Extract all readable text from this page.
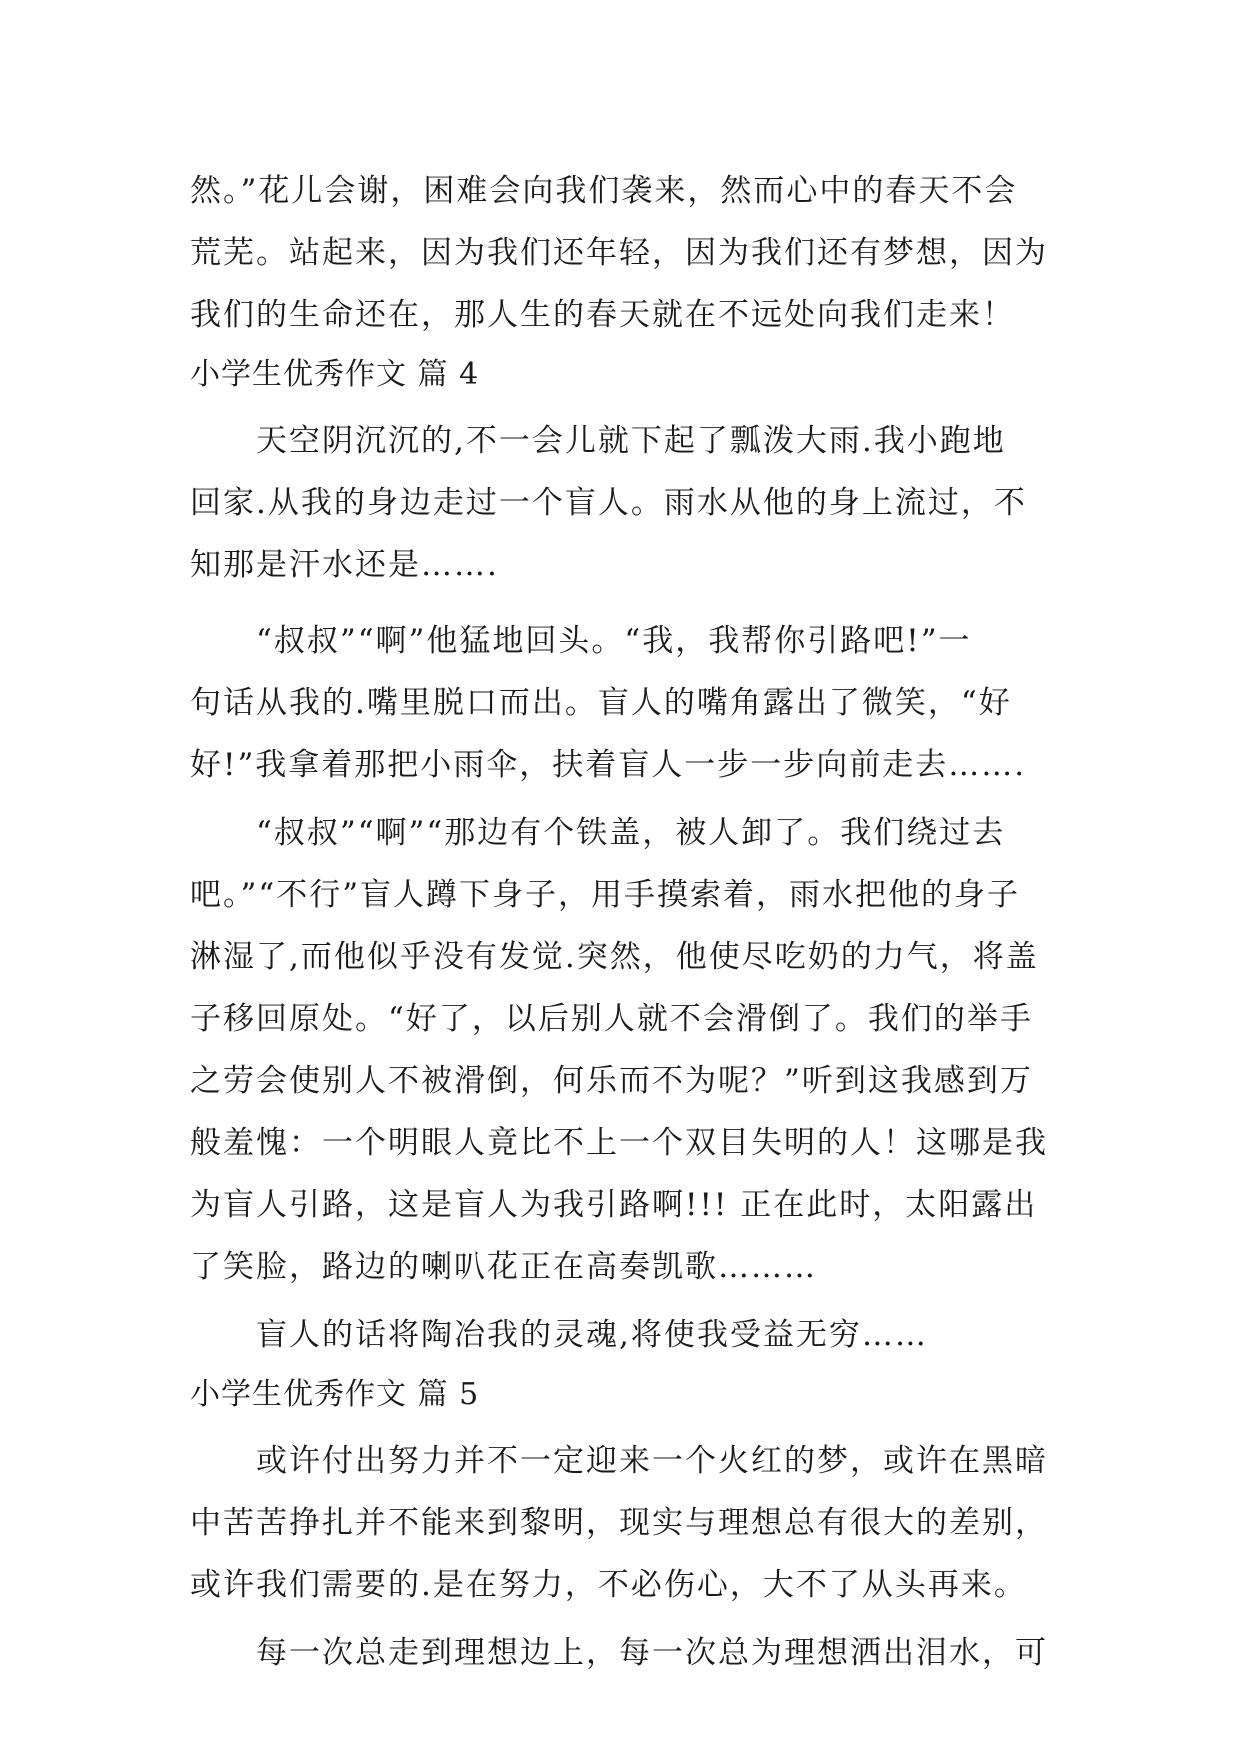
然。”花儿会谢，困难会向我们袭来，然而心中的春天不会
荒芜。站起来，因为我们还年轻，因为我们还有梦想，因为
我们的生命还在，那人生的春天就在不远处向我们走来！
小学生优秀作文 篇 4
　　天空阴沉沉的,不一会儿就下起了瓢泼大雨.我小跑地
回家.从我的身边走过一个盲人。雨水从他的身上流过，不
知那是汗水还是…….
　　“叔叔”“啊”他猛地回头。“我，我帮你引路吧!”一
句话从我的.嘴里脱口而出。盲人的嘴角露出了微笑，“好
好!”我拿着那把小雨伞，扶着盲人一步一步向前走去…….
　　“叔叔”“啊”“那边有个铁盖，被人卸了。我们绕过去
吧。”“不行”盲人蹲下身子，用手摸索着，雨水把他的身子
淋湿了,而他似乎没有发觉.突然，他使尽吃奶的力气，将盖
子移回原处。“好了，以后别人就不会滑倒了。我们的举手
之劳会使别人不被滑倒，何乐而不为呢？”听到这我感到万
般羞愧：一个明眼人竟比不上一个双目失明的人！这哪是我
为盲人引路，这是盲人为我引路啊!!! 正在此时，太阳露出
了笑脸，路边的喇叭花正在高奏凯歌………
　　盲人的话将陶冶我的灵魂,将使我受益无穷……
小学生优秀作文 篇 5
　　或许付出努力并不一定迎来一个火红的梦，或许在黑暗
中苦苦挣扎并不能来到黎明，现实与理想总有很大的差别，
或许我们需要的.是在努力，不必伤心，大不了从头再来。
　　每一次总走到理想边上，每一次总为理想洒出泪水，可
